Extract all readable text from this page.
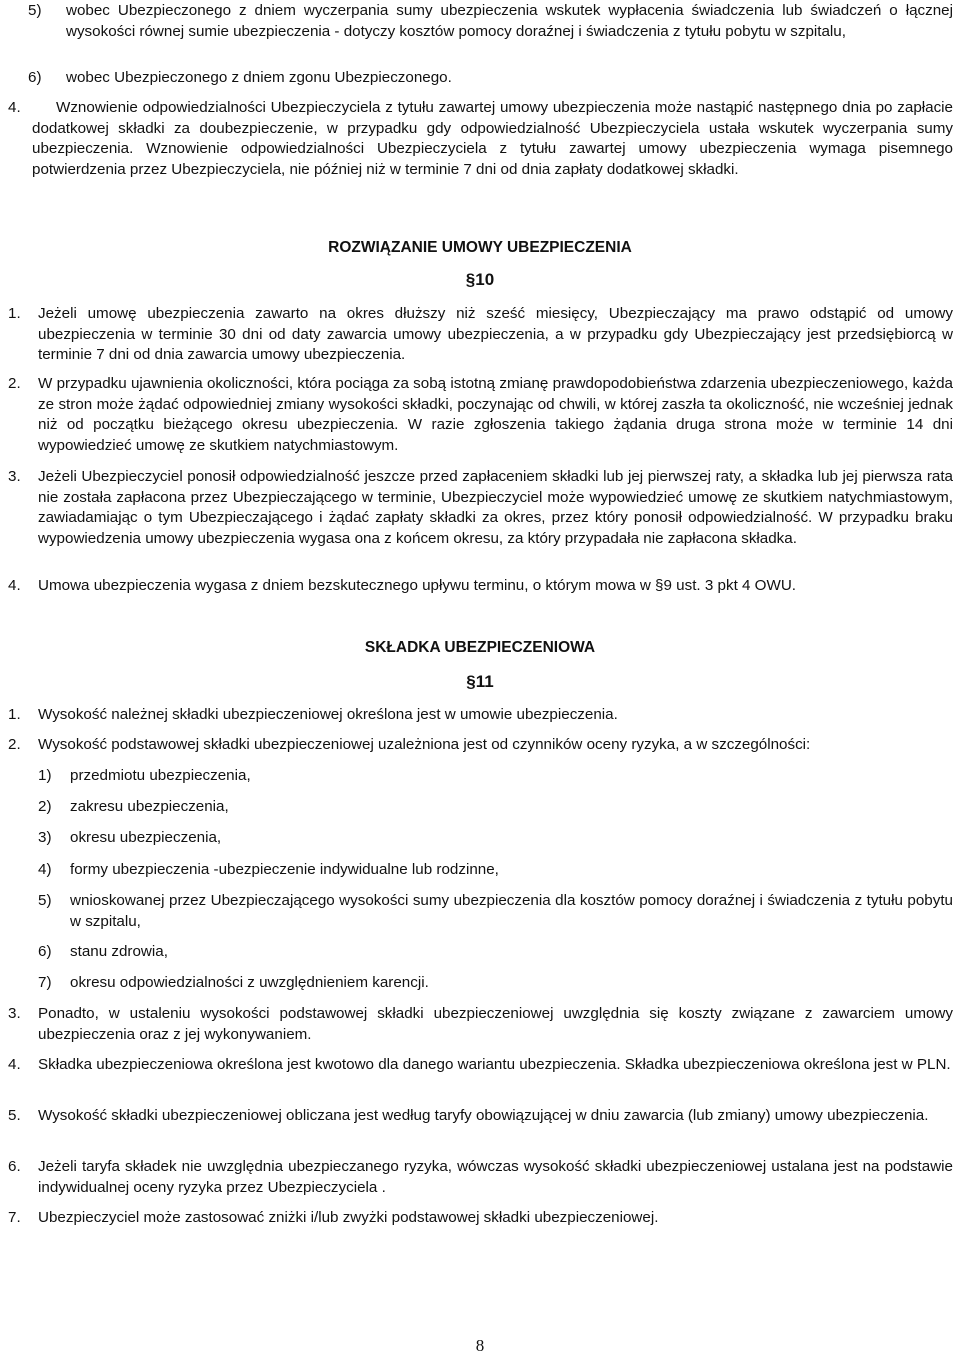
5)	wobec Ubezpieczonego z dniem wyczerpania sumy ubezpieczenia wskutek wypłacenia świadczenia lub świadczeń o łącznej wysokości równej sumie ubezpieczenia - dotyczy kosztów pomocy doraźnej i świadczenia z tytułu pobytu w szpitalu,
6)	wobec Ubezpieczonego z dniem zgonu Ubezpieczonego.
4.	Wznowienie odpowiedzialności Ubezpieczyciela z tytułu zawartej umowy ubezpieczenia może nastąpić następnego dnia po zapłacie dodatkowej składki za doubezpieczenie, w przypadku gdy odpowiedzialność Ubezpieczyciela ustała wskutek wyczerpania sumy ubezpieczenia. Wznowienie odpowiedzialności Ubezpieczyciela z tytułu zawartej umowy ubezpieczenia wymaga pisemnego potwierdzenia przez Ubezpieczyciela, nie później niż w terminie 7 dni od dnia zapłaty dodatkowej składki.
ROZWIĄZANIE UMOWY UBEZPIECZENIA
§10
1.	Jeżeli umowę ubezpieczenia zawarto na okres dłuższy niż sześć miesięcy, Ubezpieczający ma prawo odstąpić od umowy ubezpieczenia w terminie 30 dni od daty zawarcia umowy ubezpieczenia, a w przypadku gdy Ubezpieczający jest przedsiębiorcą w terminie 7 dni od dnia zawarcia umowy ubezpieczenia.
2.	W przypadku ujawnienia okoliczności, która pociąga za sobą istotną zmianę prawdopodobieństwa zdarzenia ubezpieczeniowego, każda ze stron może żądać odpowiedniej zmiany wysokości składki, poczynając od chwili, w której zaszła ta okoliczność, nie wcześniej jednak niż od początku bieżącego okresu ubezpieczenia. W razie zgłoszenia takiego żądania druga strona może w terminie 14 dni wypowiedzieć umowę ze skutkiem natychmiastowym.
3.	Jeżeli Ubezpieczyciel ponosił odpowiedzialność jeszcze przed zapłaceniem składki lub jej pierwszej raty, a składka lub jej pierwsza rata nie została zapłacona przez Ubezpieczającego w terminie, Ubezpieczyciel może wypowiedzieć umowę ze skutkiem natychmiastowym, zawiadamiając o tym Ubezpieczającego i żądać zapłaty składki za okres, przez który ponosił odpowiedzialność. W przypadku braku wypowiedzenia umowy ubezpieczenia wygasa ona z końcem okresu, za który przypadała nie zapłacona składka.
4.	Umowa ubezpieczenia wygasa z dniem bezskutecznego upływu terminu, o którym mowa w §9 ust. 3 pkt 4 OWU.
SKŁADKA UBEZPIECZENIOWA
§11
1.	Wysokość należnej składki ubezpieczeniowej określona jest w umowie ubezpieczenia.
2.	Wysokość podstawowej składki ubezpieczeniowej uzależniona jest od czynników oceny ryzyka, a w szczególności:
1)	przedmiotu ubezpieczenia,
2)	zakresu ubezpieczenia,
3)	okresu ubezpieczenia,
4)	formy ubezpieczenia -ubezpieczenie indywidualne lub rodzinne,
5)	wnioskowanej przez Ubezpieczającego wysokości sumy ubezpieczenia dla kosztów pomocy doraźnej i świadczenia z tytułu pobytu w szpitalu,
6)	stanu zdrowia,
7)	okresu odpowiedzialności z uwzględnieniem karencji.
3.	Ponadto, w ustaleniu wysokości podstawowej składki ubezpieczeniowej uwzględnia się koszty związane z zawarciem umowy ubezpieczenia oraz z jej wykonywaniem.
4.	Składka ubezpieczeniowa określona jest kwotowo dla danego wariantu ubezpieczenia. Składka ubezpieczeniowa określona jest w PLN.
5.	Wysokość składki ubezpieczeniowej obliczana jest według taryfy obowiązującej w dniu zawarcia (lub zmiany) umowy ubezpieczenia.
6.	Jeżeli taryfa składek nie uwzględnia ubezpieczanego ryzyka, wówczas wysokość składki ubezpieczeniowej ustalana jest na podstawie indywidualnej oceny ryzyka przez Ubezpieczyciela .
7.	Ubezpieczyciel może zastosować zniżki i/lub zwyżki podstawowej składki ubezpieczeniowej.
8
